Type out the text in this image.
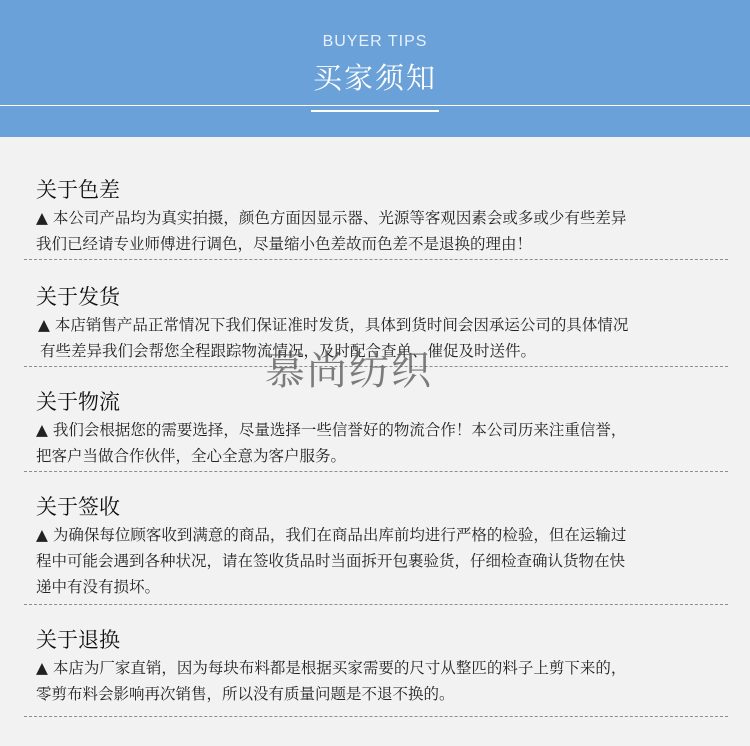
BUYER TIPS
买家须知
关于色差
▲ 本公司产品均为真实拍摄，颜色方面因显示器、光源等客观因素会或多或少有些差异
我们已经请专业师傅进行调色，尽量缩小色差故而色差不是退换的理由！
关于发货
▲ 本店销售产品正常情况下我们保证准时发货，具体到货时间会因承运公司的具体情况
有些差异我们会帮您全程跟踪物流情况，及时配合查单、催促及时送件。
关于物流
▲ 我们会根据您的需要选择，尽量选择一些信誉好的物流合作！本公司历来注重信誉，
把客户当做合作伙伴，全心全意为客户服务。
关于签收
▲ 为确保每位顾客收到满意的商品，我们在商品出库前均进行严格的检验，但在运输过
程中可能会遇到各种状况，请在签收货品时当面拆开包裹验货，仔细检查确认货物在快
递中有没有损坏。
关于退换
▲ 本店为厂家直销，因为每块布料都是根据买家需要的尺寸从整匹的料子上剪下来的，
零剪布料会影响再次销售，所以没有质量问题是不退不换的。
慕尚纺织
